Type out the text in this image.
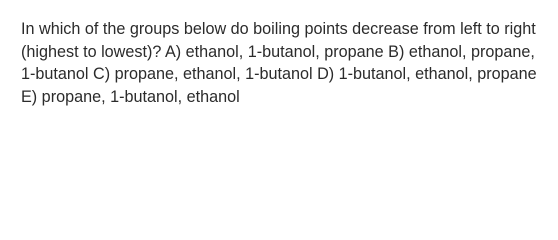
In which of the groups below do boiling points decrease from left to right (highest to lowest)? A) ethanol, 1-butanol, propane B) ethanol, propane, 1-butanol C) propane, ethanol, 1-butanol D) 1-butanol, ethanol, propane E) propane, 1-butanol, ethanol
